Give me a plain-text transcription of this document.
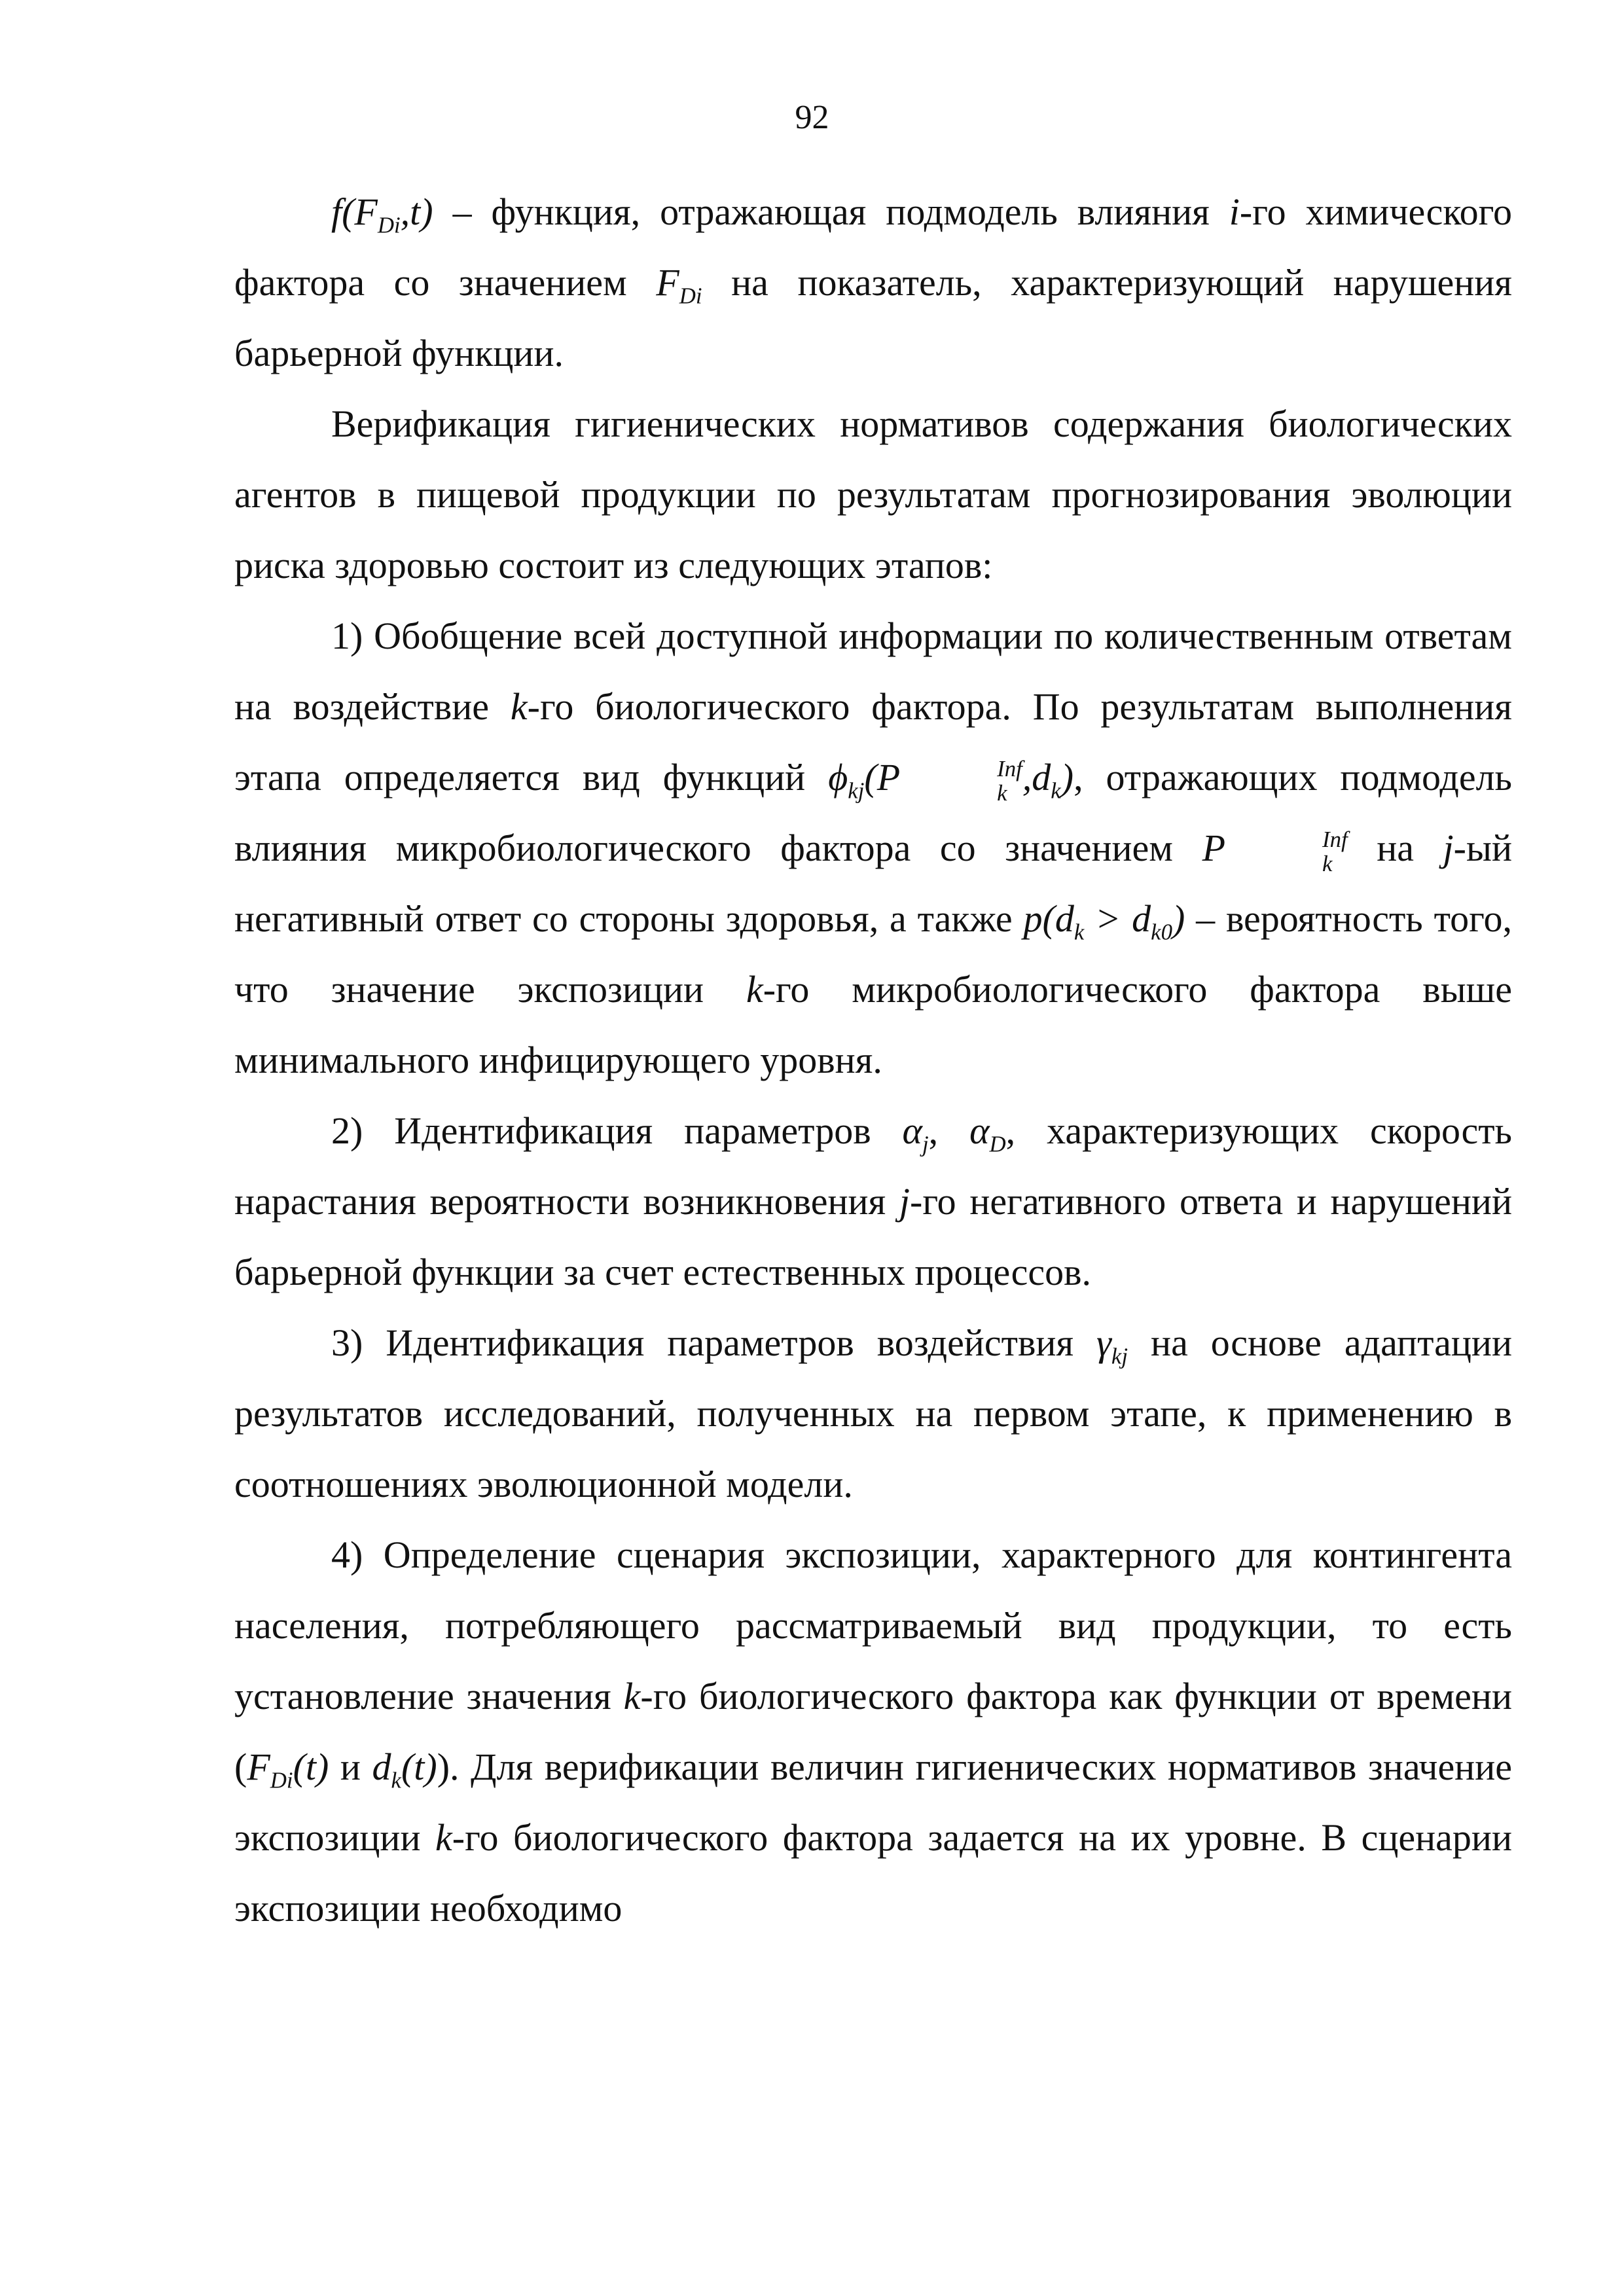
92

$f(F_{Di},t)$ – функция, отражающая подмодель влияния i-го химического фактора со значением $F_{Di}$ на показатель, характеризующий нарушения барьерной функции.

Верификация гигиенических нормативов содержания биологических агентов в пищевой продукции по результатам прогнозирования эволюции риска здоровью состоит из следующих этапов:

1) Обобщение всей доступной информации по количественным ответам на воздействие k-го биологического фактора. По результатам выполнения этапа определяется вид функций $\phi_{kj}(P$	Inf
k $,d_k$), отражающих подмодель влияния микробиологического фактора со значением P	Inf
k на j-ый негативный ответ со стороны здоровья, а также $p(d_k > d_{k0})$ – вероятность того, что значение экспозиции k-го микробиологического фактора выше минимального инфицирующего уровня.

2) Идентификация параметров $\alpha_j$, $\alpha_D$, характеризующих скорость нарастания вероятности возникновения j-го негативного ответа и нарушений барьерной функции за счет естественных процессов.

3) Идентификация параметров воздействия $\gamma_{kj}$ на основе адаптации результатов исследований, полученных на первом этапе, к применению в соотношениях эволюционной модели.

4) Определение сценария экспозиции, характерного для контингента населения, потребляющего рассматриваемый вид продукции, то есть установление значения k-го биологического фактора как функции от времени ($F_{Di}(t)$ и $d_k(t)$). Для верификации величин гигиенических нормативов значение экспозиции k-го биологического фактора задается на их уровне. В сценарии экспозиции необходимо
